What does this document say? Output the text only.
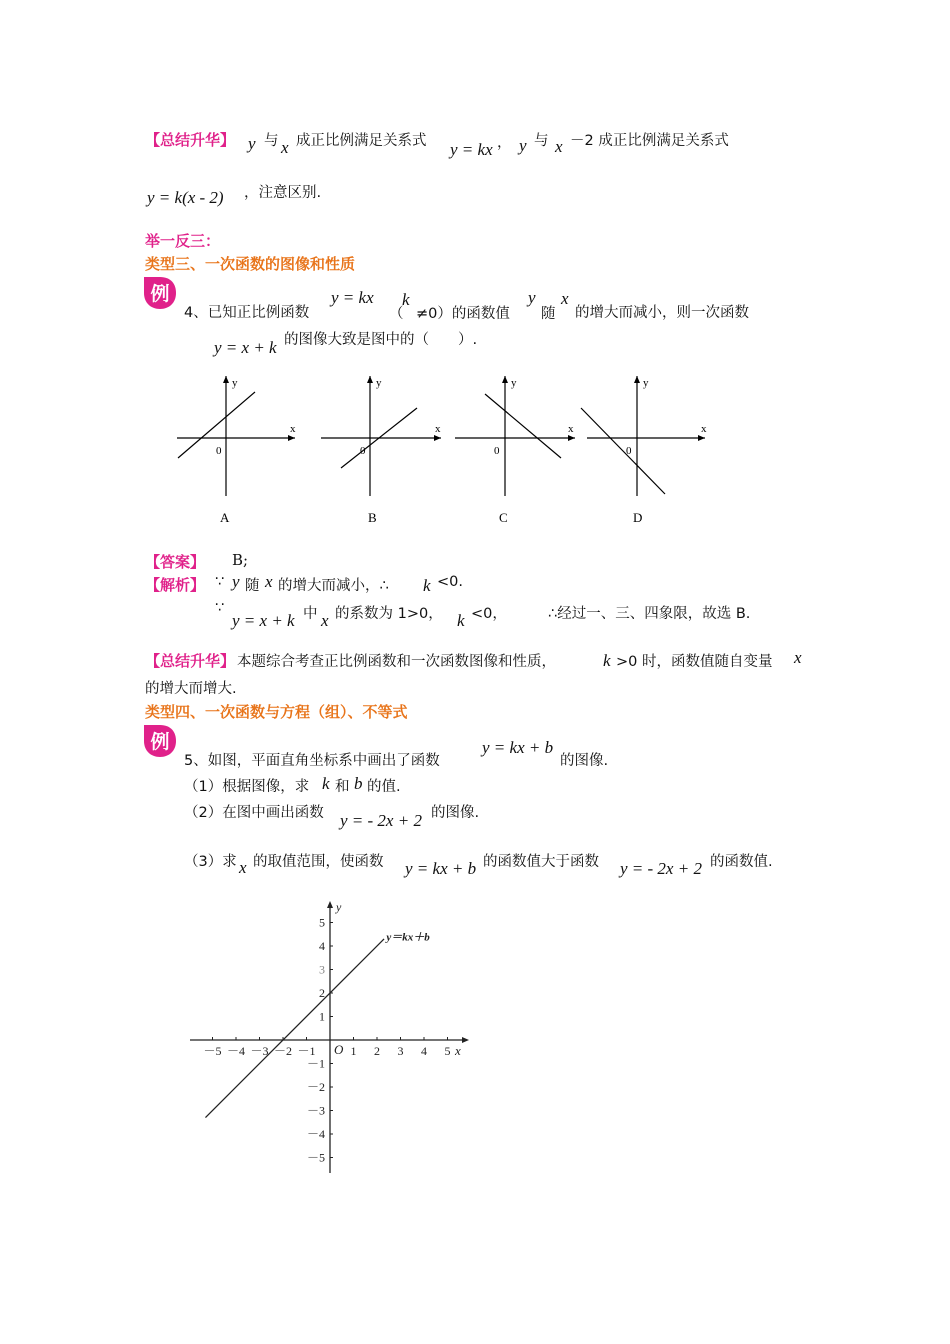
【总结升华】 y 与 x 成正比例满足关系式 y = kx ， y 与 x －2 成正比例满足关系式
y = k(x - 2) ，注意区别.
举一反三：
类型三、一次函数的图像和性质
例
4、已知正比例函数
y = kx
（
k
≠0）的函数值
y
随
x
的增大而减小，则一次函数
y = x + k 的图像大致是图中的（　　）.
x
y
0
A
x
y
0
B
x
y
0
C
x
y
0
D
【答案】 B;
【解析】 ∵ y 随 x 的增大而减小，∴ k <0.
∵
y = x + k 中 x 的系数为 1>0， k <0，	∴经过一、三、四象限，故选 B.
【总结升华】 本题综合考查正比例函数和一次函数图像和性质，	k >0 时，函数值随自变量 x
的增大而增大.
类型四、一次函数与方程（组）、不等式
例
5、如图，平面直角坐标系中画出了函数
y = kx + b
的图像.
（1）根据图像，求 k 和 b 的值.
（2）在图中画出函数 y = - 2x + 2 的图像.
（3）求 x 的取值范围，使函数 y = kx + b 的函数值大于函数 y = - 2x + 2 的函数值.
－5 －4 －3 －2 －1	1 2 3 4 5
5
4
3
2
1
－1
－2
－3
－4
－5
y
x
O
y＝kx＋b
